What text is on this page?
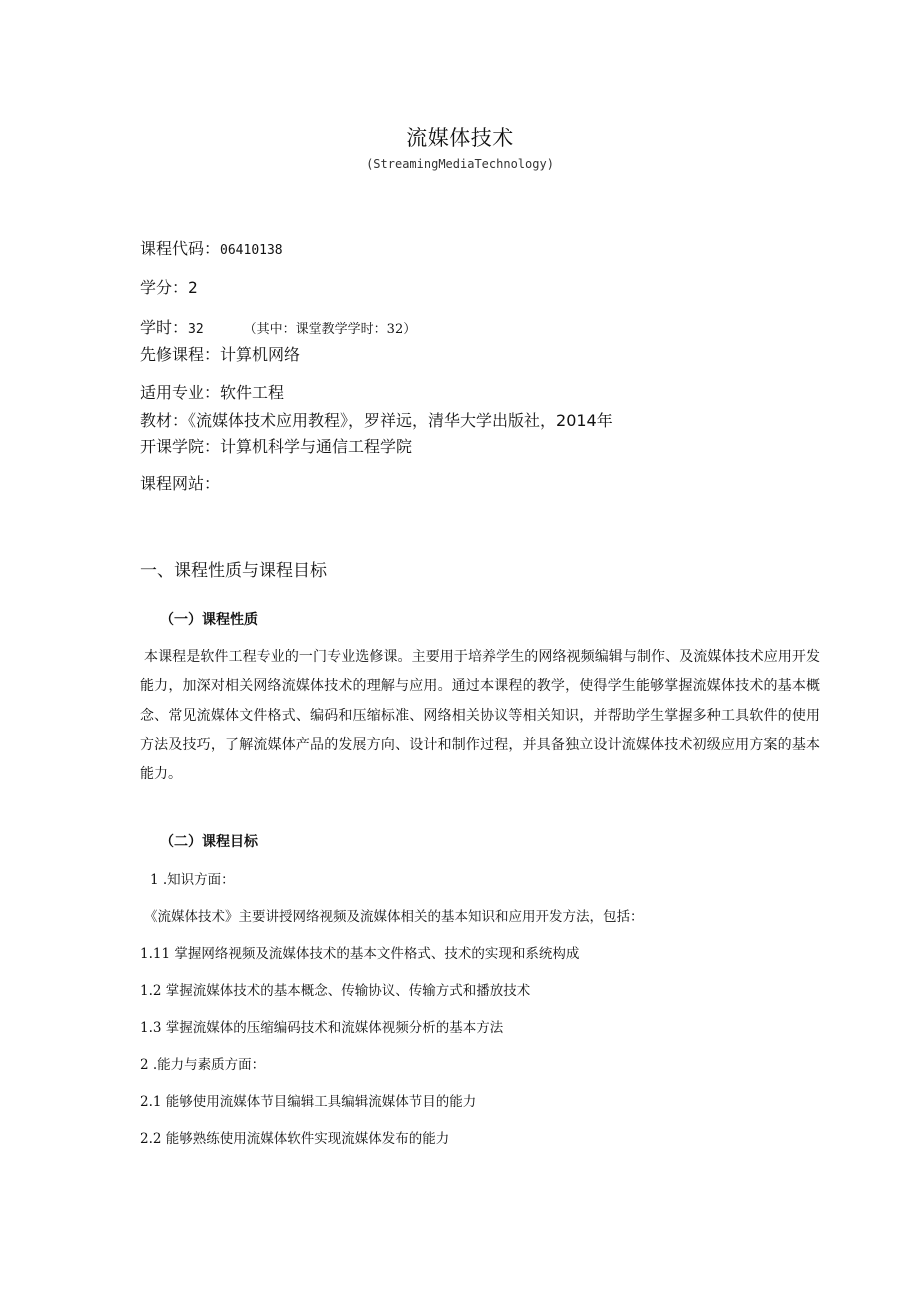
流媒体技术
(StreamingMediaTechnology)
课程代码：06410138
学分：2
学时：32	（其中：课堂教学学时：32）
先修课程：计算机网络
适用专业：软件工程
教材：《流媒体技术应用教程》，罗祥远，清华大学出版社，2014年
开课学院：计算机科学与通信工程学院
课程网站：
一、课程性质与课程目标
（一）课程性质
本课程是软件工程专业的一门专业选修课。主要用于培养学生的网络视频编辑与制作、及流媒体技术应用开发能力，加深对相关网络流媒体技术的理解与应用。通过本课程的教学，使得学生能够掌握流媒体技术的基本概念、常见流媒体文件格式、编码和压缩标准、网络相关协议等相关知识，并帮助学生掌握多种工具软件的使用方法及技巧，了解流媒体产品的发展方向、设计和制作过程，并具备独立设计流媒体技术初级应用方案的基本能力。
（二）课程目标
1 .知识方面：
《流媒体技术》主要讲授网络视频及流媒体相关的基本知识和应用开发方法，包括：
1.11 掌握网络视频及流媒体技术的基本文件格式、技术的实现和系统构成
1.2 掌握流媒体技术的基本概念、传输协议、传输方式和播放技术
1.3 掌握流媒体的压缩编码技术和流媒体视频分析的基本方法
2 .能力与素质方面：
2.1 能够使用流媒体节目编辑工具编辑流媒体节目的能力
2.2 能够熟练使用流媒体软件实现流媒体发布的能力
